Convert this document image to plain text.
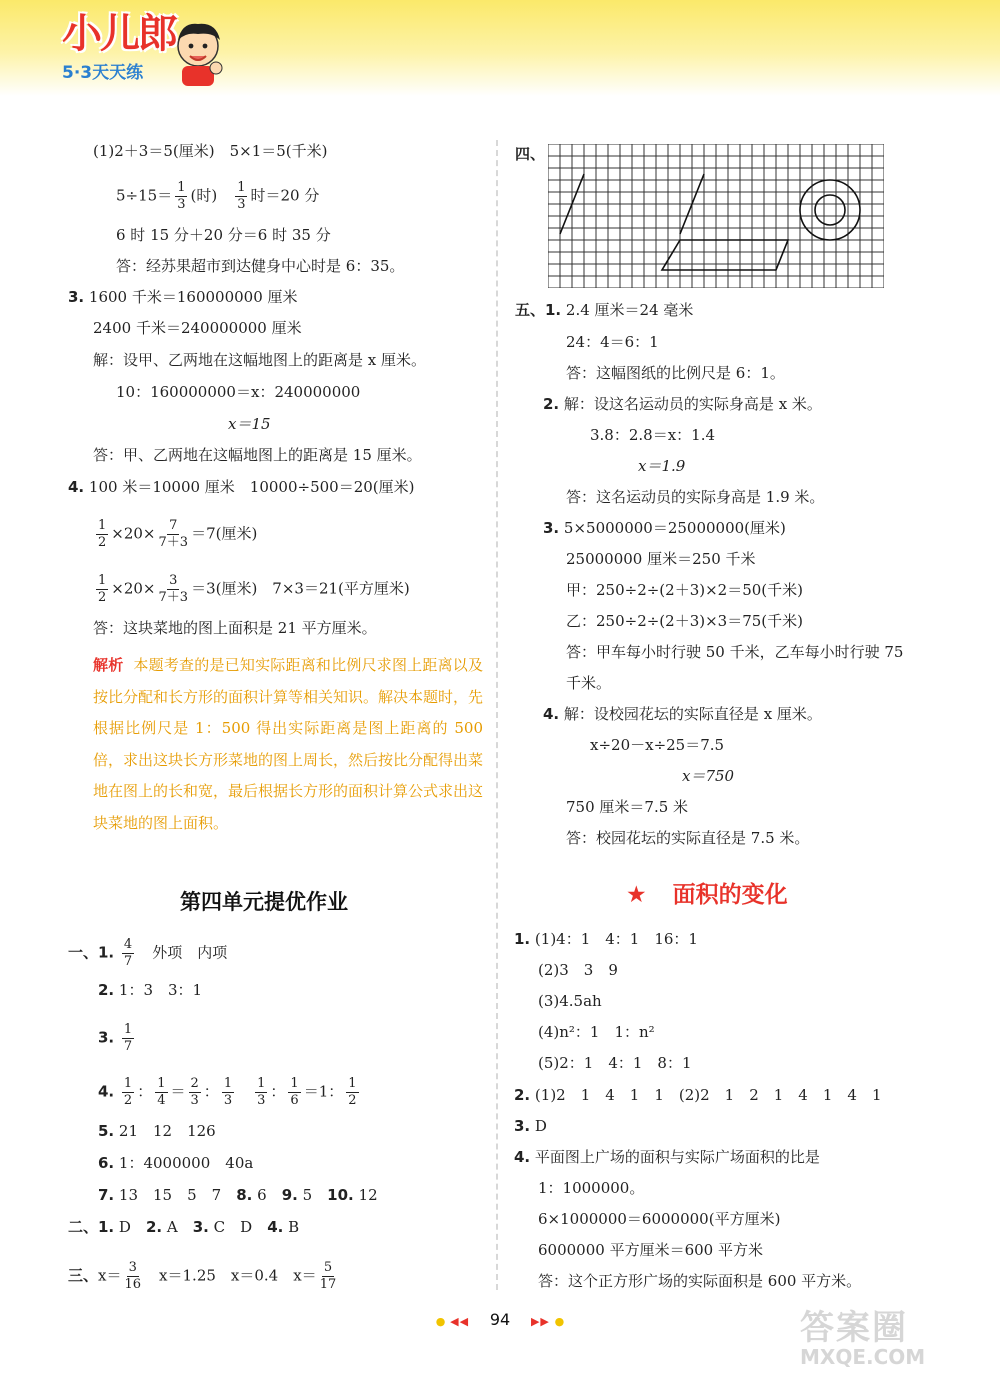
小儿郎
5·3天天练
(1)2＋3＝5(厘米)　5×1＝5(千米)
$5\div 15= \frac{1}{3}$ (时)　 $\frac{1}{3}$ 时＝20 分
6 时 15 分＋20 分＝6 时 35 分
答：经苏果超市到达健身中心时是 6：35。
3. 1600 千米＝160000000 厘米
2400 千米＝240000000 厘米
解：设甲、乙两地在这幅地图上的距离是 x 厘米。
10：160000000＝x：240000000
x＝15
答：甲、乙两地在这幅地图上的距离是 15 厘米。
4. 100 米＝10000 厘米　10000÷500＝20(厘米)
$\frac{1}{2} \times 20\times \frac{7}{7+3} =7$(厘米)
$\frac{1}{2} \times 20\times \frac{3}{7+3} =3$(厘米)　7×3＝21(平方厘米)
答：这块菜地的图上面积是 21 平方厘米。
解析 本题考查的是已知实际距离和比例尺求图上距离以及按比分配和长方形的面积计算等相关知识。解决本题时，先根据比例尺是 1：500 得出实际距离是图上距离的 500 倍，求出这块长方形菜地的图上周长，然后按比分配得出菜地在图上的长和宽，最后根据长方形的面积计算公式求出这块菜地的图上面积。
第四单元提优作业
一、1. $\frac{4}{7}$
　 外项　内项
2. 1：3　3：1
3. $\frac{1}{7}$
4. $\frac{1}{2}$ ： $\frac{1}{4} = \frac{2}{3}$ ： $\frac{1}{3}$
　 $\frac{1}{3}$ ： $\frac{1}{6} =1$： $\frac{1}{2}$
5. 21　12　126
6. 1：4000000　40a
7. 13　15　5　7　 8. 6　 9. 5　 10. 12
二、1. D　 2. A　 3. C　D　 4. B
三、$x= \frac{3}{16}$
　 x＝1.25　x＝0.4　$x= \frac{5}{17}$
四、
五、1. 2.4 厘米＝24 毫米
24：4＝6：1
答：这幅图纸的比例尺是 6：1。
2. 解：设这名运动员的实际身高是 x 米。
3.8：2.8＝x：1.4
x＝1.9
答：这名运动员的实际身高是 1.9 米。
3. 5×5000000＝25000000(厘米)
25000000 厘米＝250 千米
甲：250÷2÷(2＋3)×2＝50(千米)
乙：250÷2÷(2＋3)×3＝75(千米)
答：甲车每小时行驶 50 千米，乙车每小时行驶 75
千米。
4. 解：设校园花坛的实际直径是 x 厘米。
x÷20－x÷25＝7.5
x＝750
750 厘米＝7.5 米
答：校园花坛的实际直径是 7.5 米。
★ 面积的变化
1. (1)4：1　4：1　16：1
(2)3　3　9
(3)4.5ah
(4)n²：1　1：n²
(5)2：1　4：1　8：1
2. (1)2　1　4　1　1　(2)2　1　2　1　4　1　4　1
3. D
4. 平面图上广场的面积与实际广场面积的比是
1：1000000。
6×1000000＝6000000(平方厘米)
6000000 平方厘米＝600 平方米
答：这个正方形广场的实际面积是 600 平方米。
● ◀◀ 94 ▶▶ ●	答案圈
MXQE.COM
